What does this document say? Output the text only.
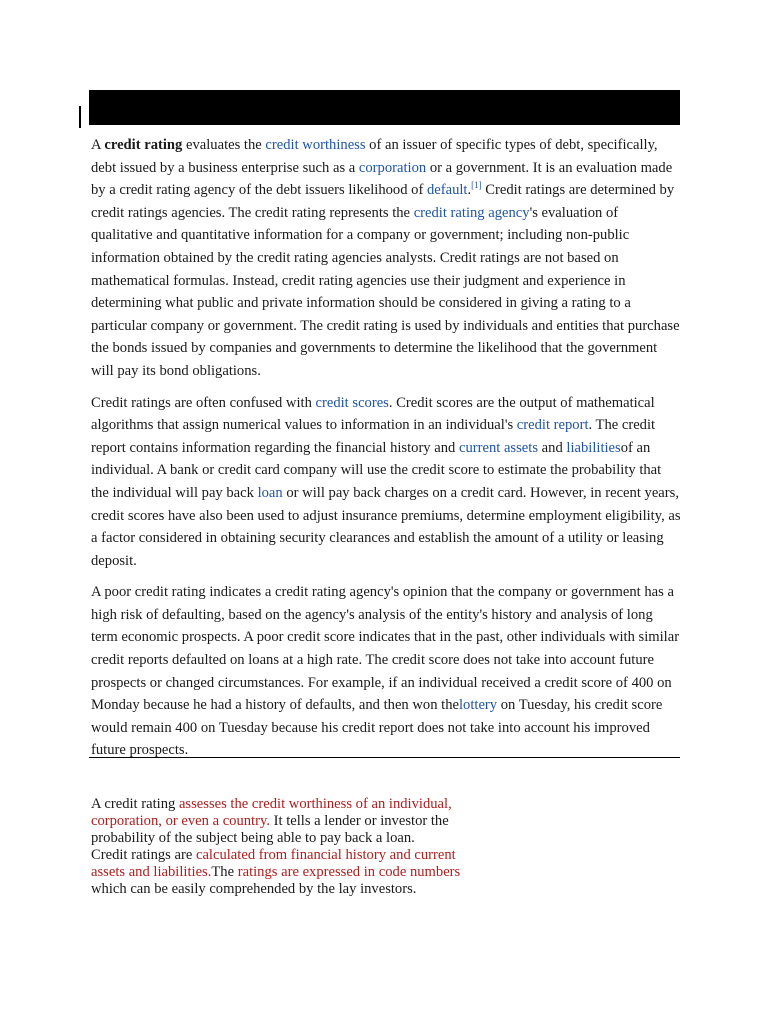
A credit rating evaluates the credit worthiness of an issuer of specific types of debt, specifically, debt issued by a business enterprise such as a corporation or a government. It is an evaluation made by a credit rating agency of the debt issuers likelihood of default.[1] Credit ratings are determined by credit ratings agencies. The credit rating represents the credit rating agency's evaluation of qualitative and quantitative information for a company or government; including non-public information obtained by the credit rating agencies analysts. Credit ratings are not based on mathematical formulas. Instead, credit rating agencies use their judgment and experience in determining what public and private information should be considered in giving a rating to a particular company or government. The credit rating is used by individuals and entities that purchase the bonds issued by companies and governments to determine the likelihood that the government will pay its bond obligations.

Credit ratings are often confused with credit scores. Credit scores are the output of mathematical algorithms that assign numerical values to information in an individual's credit report. The credit report contains information regarding the financial history and current assets and liabilitiesof an individual. A bank or credit card company will use the credit score to estimate the probability that the individual will pay back loan or will pay back charges on a credit card. However, in recent years, credit scores have also been used to adjust insurance premiums, determine employment eligibility, as a factor considered in obtaining security clearances and establish the amount of a utility or leasing deposit.

A poor credit rating indicates a credit rating agency's opinion that the company or government has a high risk of defaulting, based on the agency's analysis of the entity's history and analysis of long term economic prospects. A poor credit score indicates that in the past, other individuals with similar credit reports defaulted on loans at a high rate. The credit score does not take into account future prospects or changed circumstances. For example, if an individual received a credit score of 400 on Monday because he had a history of defaults, and then won thelottery on Tuesday, his credit score would remain 400 on Tuesday because his credit report does not take into account his improved future prospects.

A credit rating assesses the credit worthiness of an individual, corporation, or even a country. It tells a lender or investor the probability of the subject being able to pay back a loan.

Credit ratings are calculated from financial history and current assets and liabilities.The ratings are expressed in code numbers which can be easily comprehended by the lay investors.
